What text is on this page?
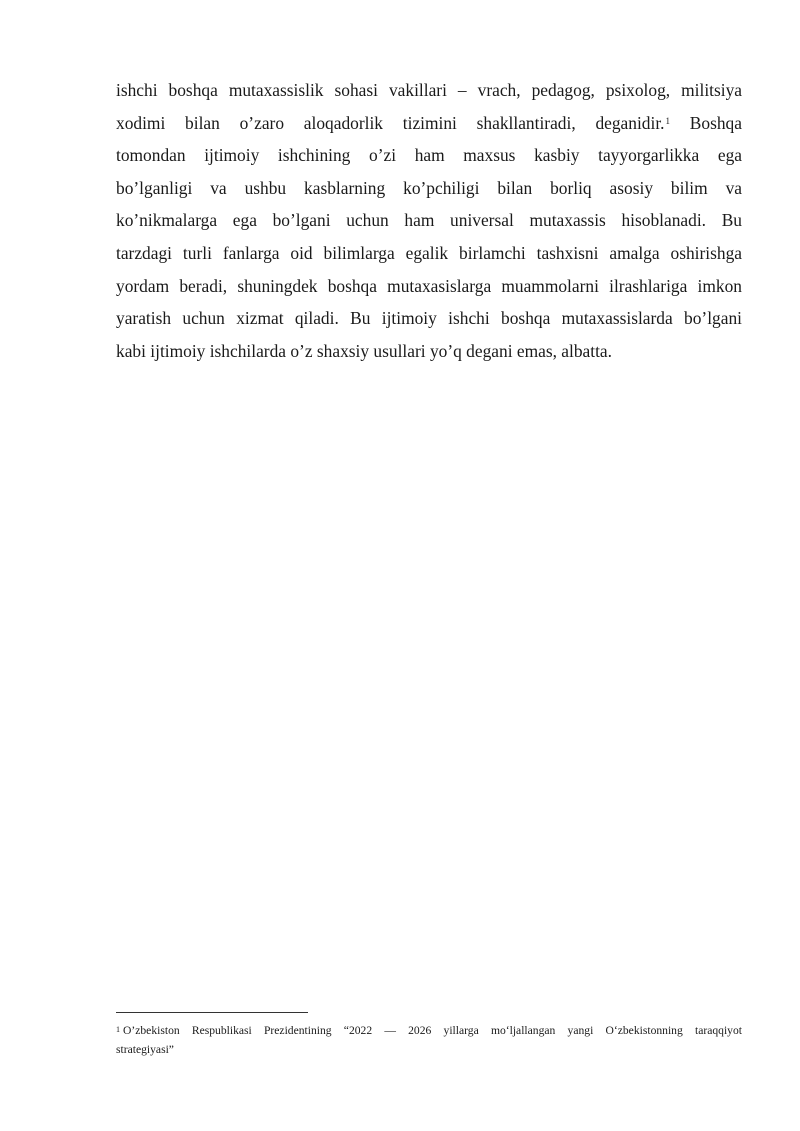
ishchi boshqa mutaxassislik sohasi vakillari – vrach, pedagog, psixolog, militsiya
xodimi bilan o’zaro aloqadorlik tizimini shakllantiradi, deganidir.$^1$ Boshqa
tomondan ijtimoiy ishchining o’zi ham maxsus kasbiy tayyorgarlikka ega
bo’lganligi va ushbu kasblarning ko’pchiligi bilan borliq asosiy bilim va
ko’nikmalarga ega bo’lgani uchun ham universal mutaxassis hisoblanadi. Bu
tarzdagi turli fanlarga oid bilimlarga egalik birlamchi tashxisni amalga oshirishga
yordam beradi, shuningdek boshqa mutaxasislarga muammolarni ilrashlariga imkon
yaratish uchun xizmat qiladi. Bu ijtimoiy ishchi boshqa mutaxassislarda bo’lgani
kabi ijtimoiy ishchilarda o’z shaxsiy usullari yo’q degani emas, albatta.
$^1$ O’zbekiston Respublikasi Prezidentining “2022 — 2026 yillarga mo‘ljallangan yangi O‘zbekistonning taraqqiyot
strategiyasi”
